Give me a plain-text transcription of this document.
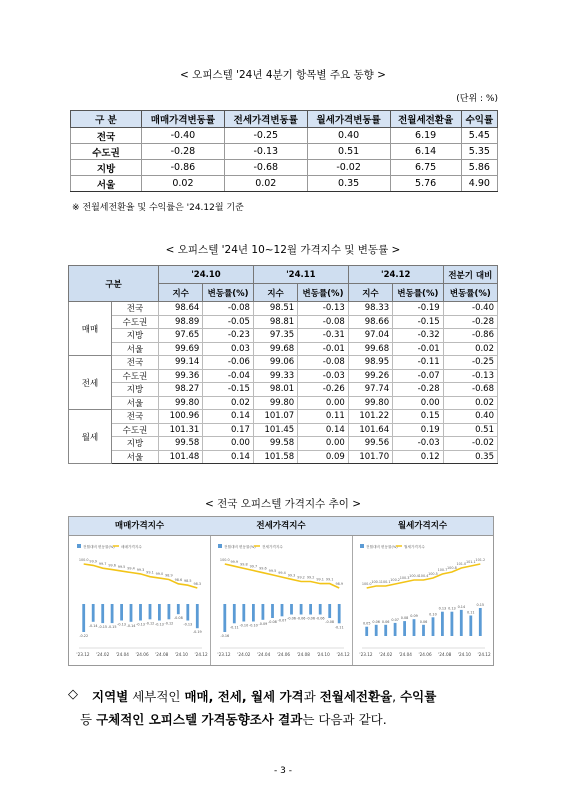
< 오피스텔 '24년 4분기 항목별 주요 동향 >
(단위 : %)
구 분	매매가격변동률	전세가격변동률	월세가격변동률	전월세전환율	수익률
전국	-0.40	-0.25	0.40	6.19	5.45
수도권	-0.28	-0.13	0.51	6.14	5.35
지방	-0.86	-0.68	-0.02	6.75	5.86
서울	0.02	0.02	0.35	5.76	4.90
※ 전월세전환율 및 수익률은 '24.12월 기준
< 오피스텔 '24년 10~12월 가격지수 및 변동률 >
구분		'24.10		'24.11		'24.12		전분기 대비
		지수	변동률(%)	지수	변동률(%)	지수	변동률(%)	변동률(%)
매매	전국	98.64	-0.08	98.51	-0.13	98.33	-0.19	-0.40
	수도권	98.89	-0.05	98.81	-0.08	98.66	-0.15	-0.28
	지방	97.65	-0.23	97.35	-0.31	97.04	-0.32	-0.86
	서울	99.69	0.03	99.68	-0.01	99.68	-0.01	0.02
전세	전국	99.14	-0.06	99.06	-0.08	98.95	-0.11	-0.25
	수도권	99.36	-0.04	99.33	-0.03	99.26	-0.07	-0.13
	지방	98.27	-0.15	98.01	-0.26	97.74	-0.28	-0.68
	서울	99.80	0.02	99.80	0.00	99.80	0.00	0.02
월세	전국	100.96	0.14	101.07	0.11	101.22	0.15	0.40
	수도권	101.31	0.17	101.45	0.14	101.64	0.19	0.51
	지방	99.58	0.00	99.58	0.00	99.56	-0.03	-0.02
	서울	101.48	0.14	101.58	0.09	101.70	0.12	0.35
< 전국 오피스텔 가격지수 추이 >
매매가격지수
전월대비 변동률(%) 매매가격지수
100.0 99.9
99.7 99.6 99.5 99.4 99.3
99.1 99.0 98.9
98.6 98.5
98.3
-0.22
-0.14 -0.15 -0.15
-0.13 -0.14 -0.13 -0.12 -0.13 -0.12
-0.08
-0.13
-0.19
'23.12 '24.02 '24.04 '24.06 '24.08 '24.10 '24.12
전세가격지수
전월대비 변동률(%) 전세가격지수
100.0
99.9
99.8
99.7
99.6
99.5
99.4
99.3
99.2 99.2
99.1 99.1
98.9
-0.16
-0.11 -0.10 -0.10 -0.09 -0.08 -0.07 -0.06 -0.06 -0.06 -0.06
-0.08
-0.11
'23.12 '24.02 '24.04 '24.06 '24.08 '24.10 '24.12
월세가격지수
전월대비 변동률(%) 월세가격지수
100.0 100.1 100.1 100.2 100.3 100.4 100.4 100.5
100.7 100.8
101.0 101.1 101.2
0.05 0.06 0.06 0.07 0.08 0.09
0.06
0.10
0.13 0.13 0.14
0.11
0.15
'23.12 '24.02 '24.04 '24.06 '24.08 '24.10 '24.12
◇ 지역별 세부적인 매매, 전세, 월세 가격과 전월세전환율, 수익률
등 구체적인 오피스텔 가격동향조사 결과는 다음과 같다.
- 3 -
